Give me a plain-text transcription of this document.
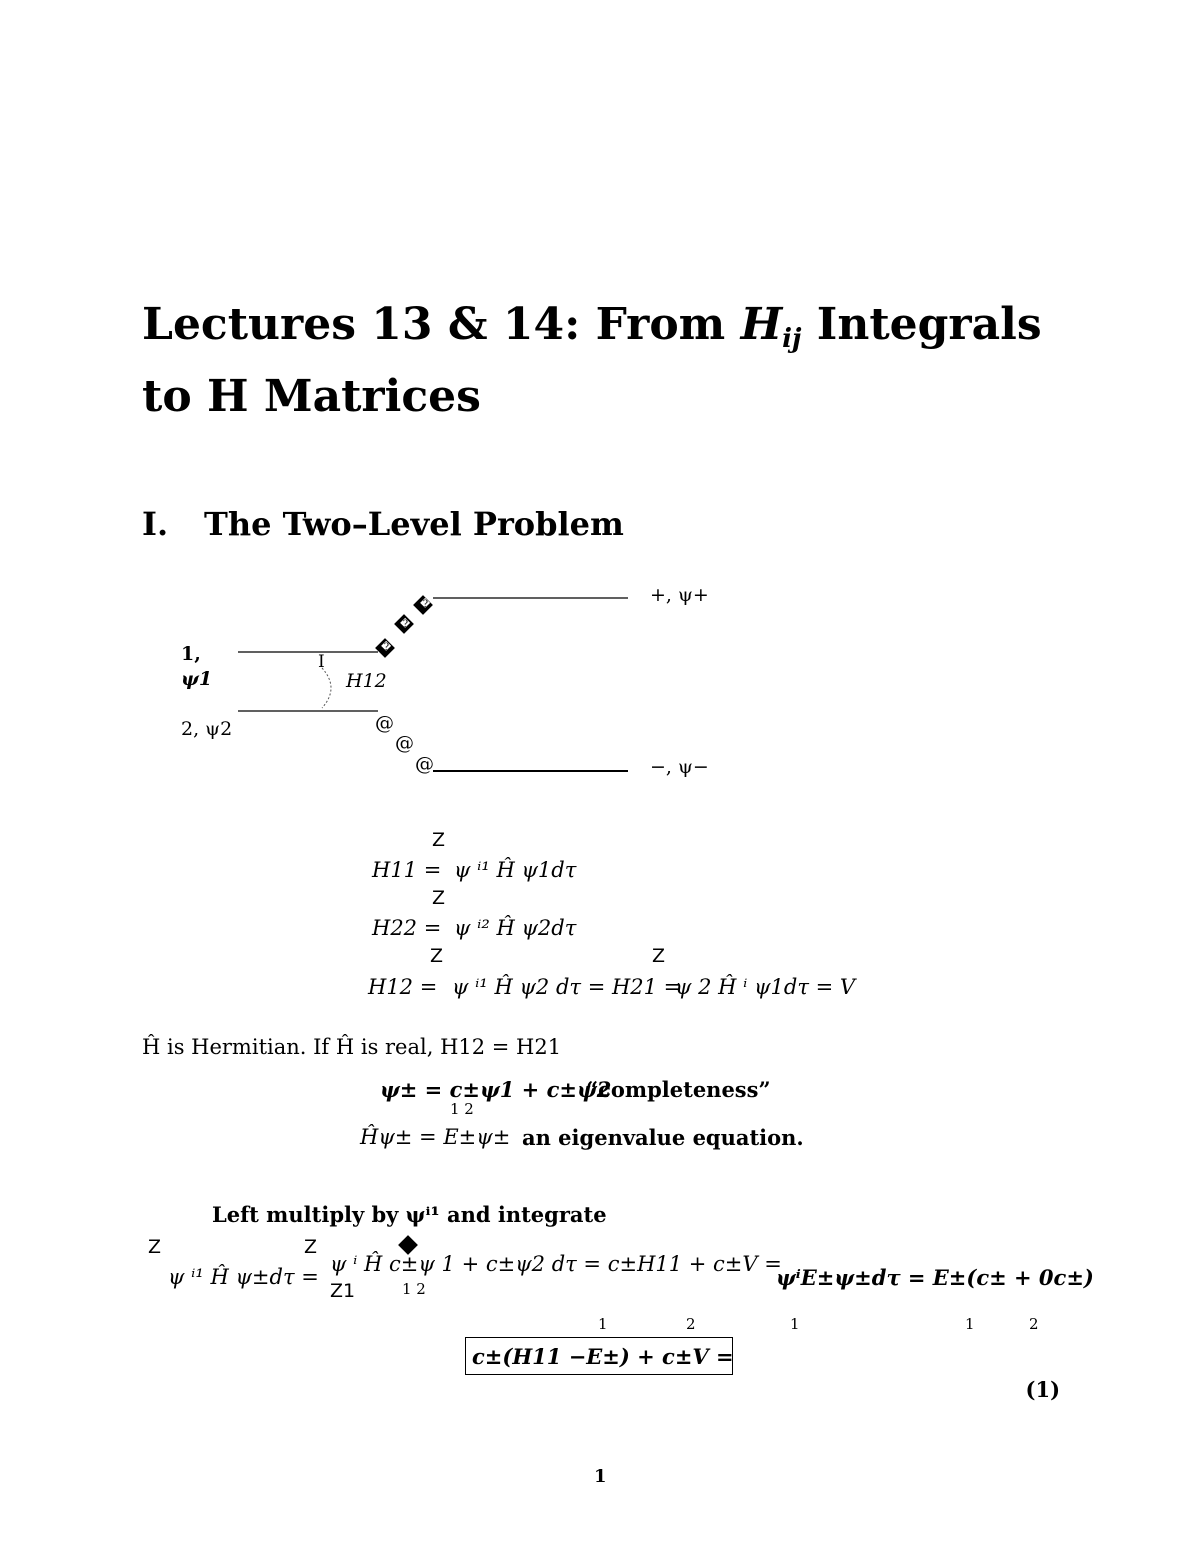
Lectures 13 & 14: From $H_{ij}$ Integrals
to H Matrices
I. The Two–Level Problem
�
�
�
+, ψ+
−, ψ−
1,
ψ1
2, ψ2
H12
I
@
@
@
Z
H11 = ψ ⁱ¹ Ĥ ψ1dτ
Z
H22 = ψ ⁱ² Ĥ ψ2dτ
Z	Z
H12 = ψ ⁱ¹ Ĥ ψ2 dτ = H21 =
ψ 2 Ĥ ⁱ ψ1dτ = V
Ĥ is Hermitian. If Ĥ is real, H12 = H21
ψ± = c±ψ1 + c±ψ2
1 2
“completeness”
Ĥψ± = E±ψ± an eigenvalue equation.
Left multiply by ψⁱ¹ and integrate
Z	Z
ψ ⁱ¹ Ĥ ψ±dτ =
ψ ⁱ Ĥ c±ψ 1 + c±ψ2 dτ = c±H11 + c±V =
Z1	1 2	ψⁱE±ψ±dτ = E±(c± + 0c±)
1	2	1	1	2
c±(H11 −E±) + c±V =
(1)
1
